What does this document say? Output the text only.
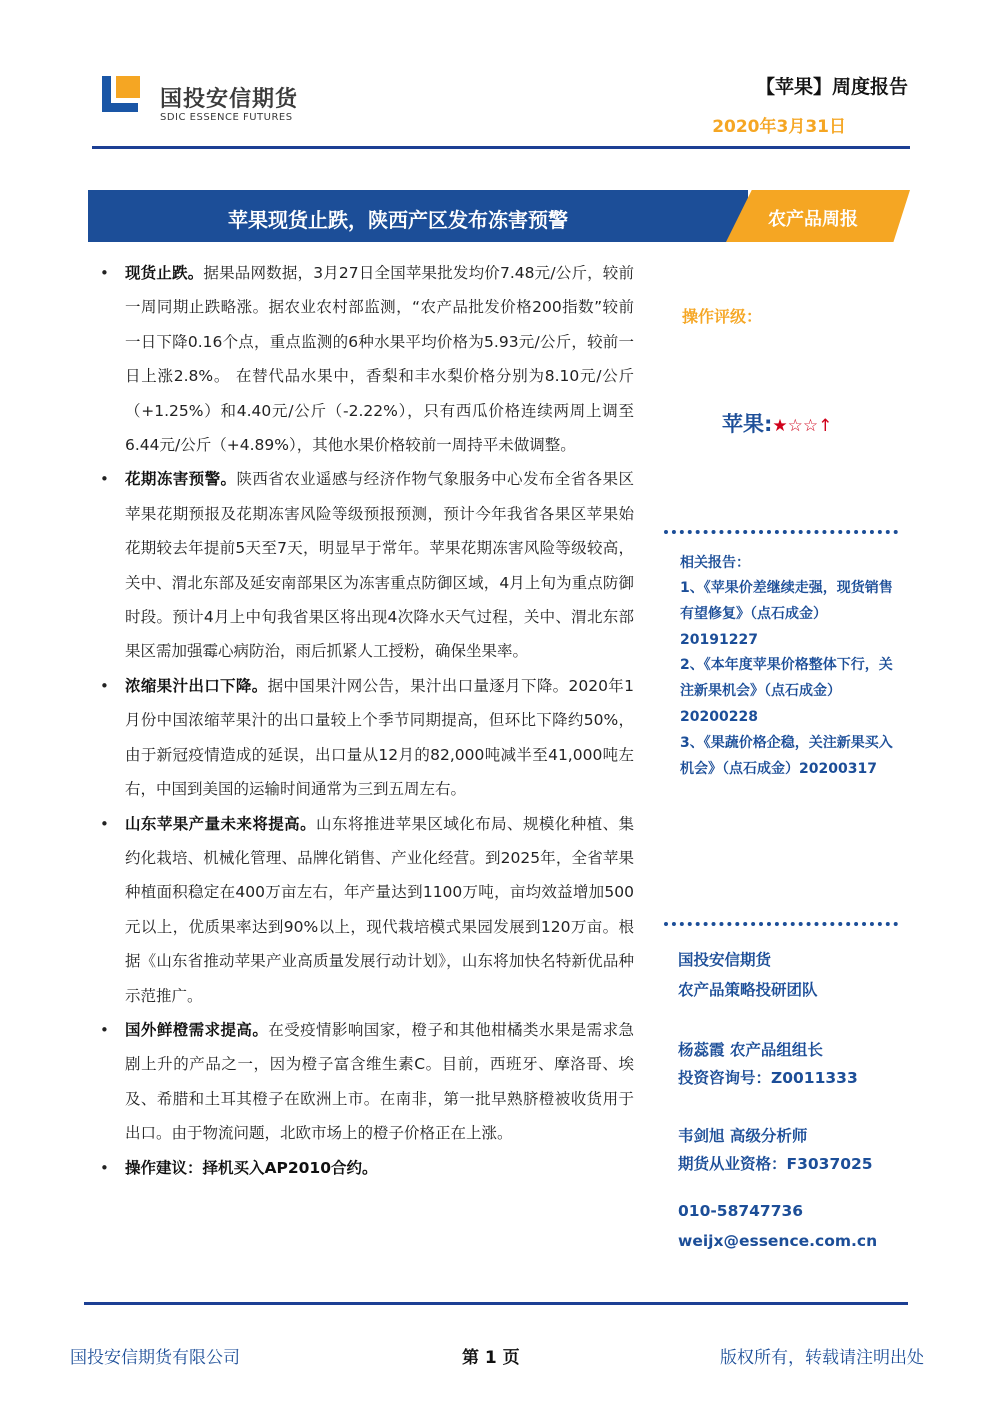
国投安信期货
SDIC ESSENCE FUTURES
【苹果】周度报告
2020年3月31日
苹果现货止跌，陕西产区发布冻害预警	农产品周报
• 现货止跌。据果品网数据，3月27日全国苹果批发均价7.48元/公斤，较前一周同期止跌略涨。据农业农村部监测，“农产品批发价格200指数”较前一日下降0.16个点，重点监测的6种水果平均价格为5.93元/公斤，较前一日上涨2.8%。 在替代品水果中，香梨和丰水梨价格分别为8.10元/公斤（+1.25%）和4.40元/公斤（-2.22%），只有西瓜价格连续两周上调至6.44元/公斤（+4.89%），其他水果价格较前一周持平未做调整。
• 花期冻害预警。陕西省农业遥感与经济作物气象服务中心发布全省各果区苹果花期预报及花期冻害风险等级预报预测，预计今年我省各果区苹果始花期较去年提前5天至7天，明显早于常年。苹果花期冻害风险等级较高，关中、渭北东部及延安南部果区为冻害重点防御区域，4月上旬为重点防御时段。预计4月上中旬我省果区将出现4次降水天气过程，关中、渭北东部果区需加强霉心病防治，雨后抓紧人工授粉，确保坐果率。
• 浓缩果汁出口下降。据中国果汁网公告，果汁出口量逐月下降。2020年1月份中国浓缩苹果汁的出口量较上个季节同期提高，但环比下降约50%，由于新冠疫情造成的延误，出口量从12月的82,000吨减半至41,000吨左右，中国到美国的运输时间通常为三到五周左右。
• 山东苹果产量未来将提高。山东将推进苹果区域化布局、规模化种植、集约化栽培、机械化管理、品牌化销售、产业化经营。到2025年，全省苹果种植面积稳定在400万亩左右，年产量达到1100万吨，亩均效益增加500元以上，优质果率达到90%以上，现代栽培模式果园发展到120万亩。根据《山东省推动苹果产业高质量发展行动计划》，山东将加快名特新优品种示范推广。
• 国外鲜橙需求提高。在受疫情影响国家，橙子和其他柑橘类水果是需求急剧上升的产品之一，因为橙子富含维生素C。目前，西班牙、摩洛哥、埃及、希腊和土耳其橙子在欧洲上市。在南非，第一批早熟脐橙被收货用于出口。由于物流问题，北欧市场上的橙子价格正在上涨。
• 操作建议：择机买入AP2010合约。
操作评级：
苹果:★☆☆↑
相关报告：
1、《苹果价差继续走强，现货销售有望修复》（点石成金）20191227
2、《本年度苹果价格整体下行，关注新果机会》（点石成金）20200228
3、《果蔬价格企稳，关注新果买入机会》（点石成金）20200317
国投安信期货
农产品策略投研团队
杨蕊霞 农产品组组长
投资咨询号：Z0011333
韦剑旭 高级分析师
期货从业资格：F3037025
010-58747736
weijx@essence.com.cn
国投安信期货有限公司	第 1 页	版权所有，转载请注明出处
